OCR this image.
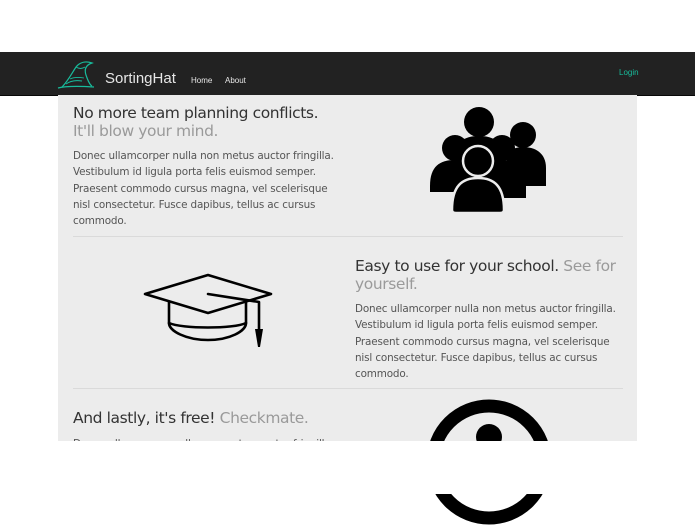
SortingHat Home About
Login
No more team planning conflicts. It'll blow your mind.

Donec ullamcorper nulla non metus auctor fringilla. Vestibulum id ligula porta felis euismod semper. Praesent commodo cursus magna, vel scelerisque nisl consectetur. Fusce dapibus, tellus ac cursus commodo.

Easy to use for your school. See for yourself.

Donec ullamcorper nulla non metus auctor fringilla. Vestibulum id ligula porta felis euismod semper. Praesent commodo cursus magna, vel scelerisque nisl consectetur. Fusce dapibus, tellus ac cursus commodo.

And lastly, it's free! Checkmate.
